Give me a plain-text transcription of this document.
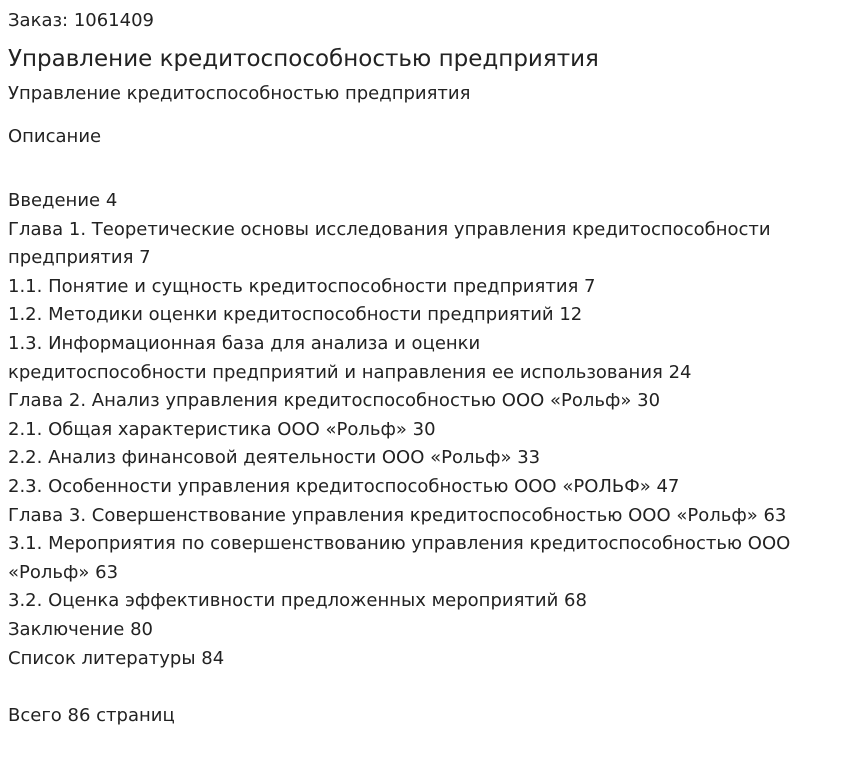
Заказ: 1061409

Управление кредитоспособностью предприятия

Управление кредитоспособностью предприятия

Описание

Введение 4
Глава 1. Теоретические основы исследования управления кредитоспособности предприятия 7
1.1. Понятие и сущность кредитоспособности предприятия 7
1.2. Методики оценки кредитоспособности предприятий 12
1.3. Информационная база для анализа и оценки
кредитоспособности предприятий и направления ее использования 24
Глава 2. Анализ управления кредитоспособностью ООО «Рольф» 30
2.1. Общая характеристика ООО «Рольф» 30
2.2. Анализ финансовой деятельности ООО «Рольф» 33
2.3. Особенности управления кредитоспособностью ООО «РОЛЬФ» 47
Глава 3. Совершенствование управления кредитоспособностью ООО «Рольф» 63
3.1. Мероприятия по совершенствованию управления кредитоспособностью ООО «Рольф» 63
3.2. Оценка эффективности предложенных мероприятий 68
Заключение 80
Список литературы 84

Всего 86 страниц
